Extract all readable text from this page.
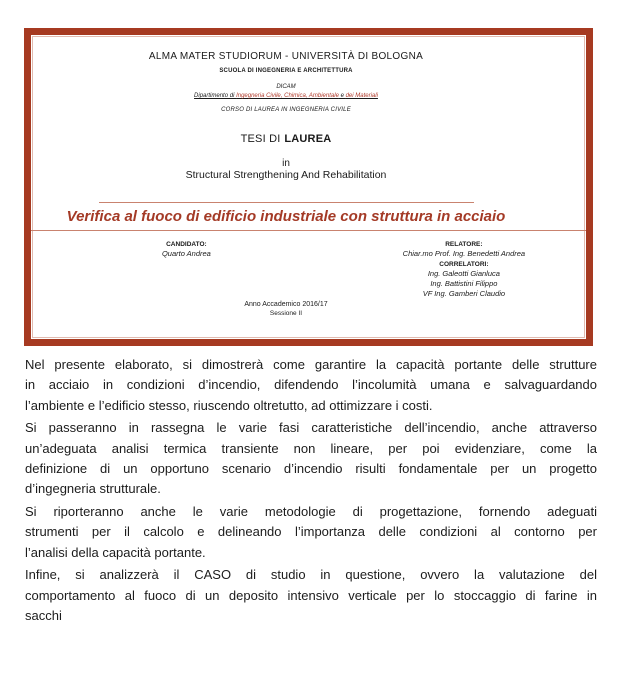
ALMA MATER STUDIORUM - UNIVERSITÀ DI BOLOGNA
SCUOLA DI INGEGNERIA E ARCHITETTURA
DICAM
Dipartimento di Ingegneria Civile, Chimica, Ambientale e dei Materiali
CORSO DI LAUREA IN INGEGNERIA CIVILE
TESI DI LAUREA
in
Structural Strengthening And Rehabilitation
Verifica al fuoco di edificio industriale con struttura in acciaio
CANDIDATO:
Quarto Andrea
RELATORE:
Chiar.mo Prof. Ing. Benedetti Andrea
CORRELATORI:
Ing. Galeotti Gianluca
Ing. Battistini Filippo
VF Ing. Gamberi Claudio
Anno Accademico 2016/17
Sessione II

Nel presente elaborato, si dimostrerà come garantire la capacità portante delle strutture
in acciaio in condizioni d’incendio, difendendo l’incolumità umana e salvaguardando
l’ambiente e l’edificio stesso, riuscendo oltretutto, ad ottimizzare i costi.

Si passeranno in rassegna le varie fasi caratteristiche dell’incendio, anche attraverso
un’adeguata analisi termica transiente non lineare, per poi evidenziare, come la
definizione di un opportuno scenario d’incendio risulti fondamentale per un progetto
d’ingegneria strutturale.

Si riporteranno anche le varie metodologie di progettazione, fornendo adeguati
strumenti per il calcolo e delineando l’importanza delle condizioni al contorno per
l’analisi della capacità portante.

Infine, si analizzerà il CASO di studio in questione, ovvero la valutazione del
comportamento al fuoco di un deposito intensivo verticale per lo stoccaggio di farine in
sacchi
